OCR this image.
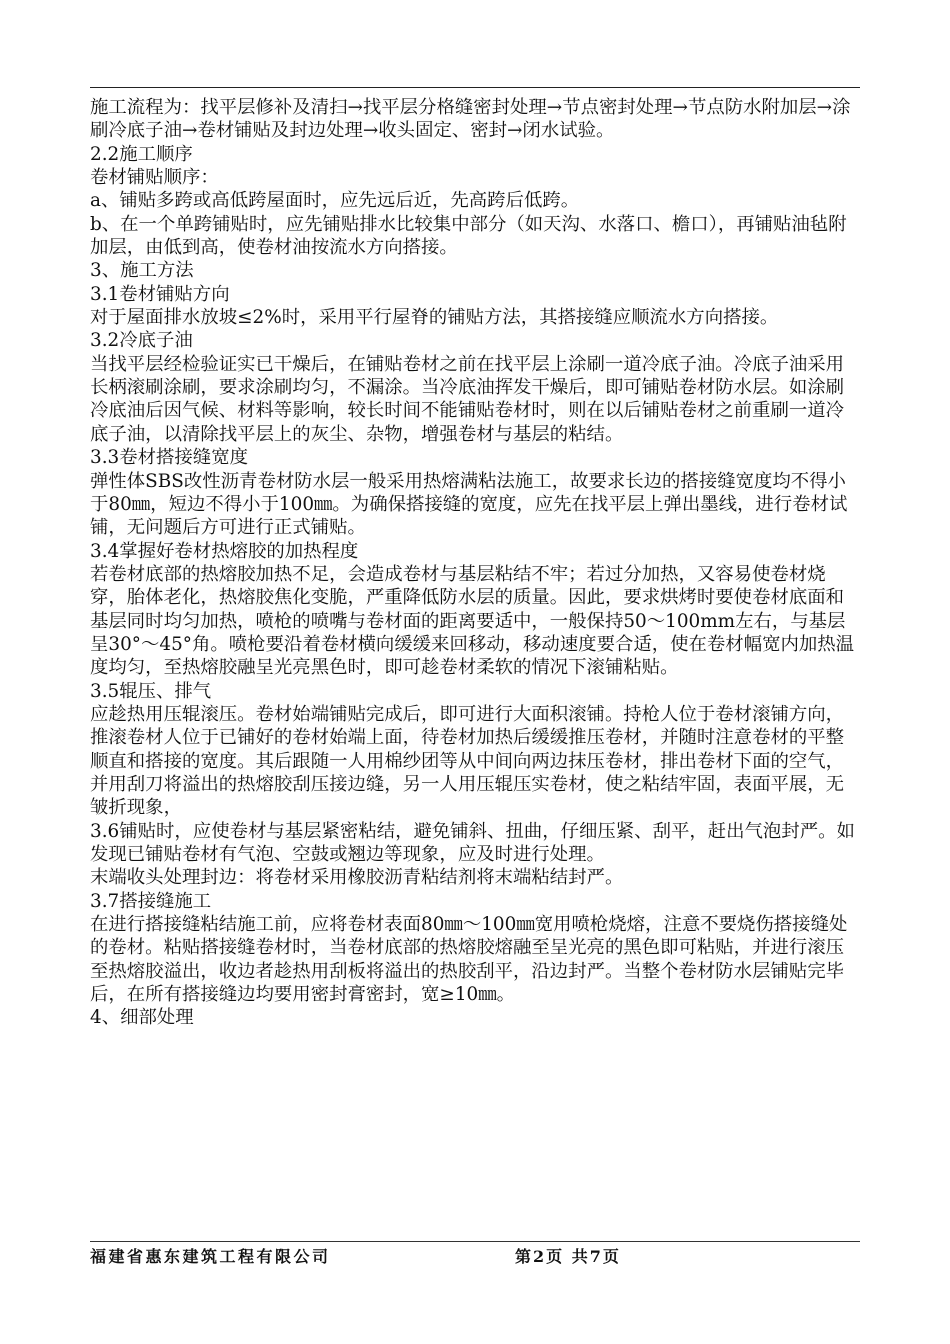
施工流程为：找平层修补及清扫→找平层分格缝密封处理→节点密封处理→节点防水附加层→涂刷冷底子油→卷材铺贴及封边处理→收头固定、密封→闭水试验。

2.2施工顺序

卷材铺贴顺序：

a、铺贴多跨或高低跨屋面时，应先远后近，先高跨后低跨。

b、在一个单跨铺贴时，应先铺贴排水比较集中部分（如天沟、水落口、檐口），再铺贴油毡附加层，由低到高，使卷材油按流水方向搭接。

3、施工方法

3.1卷材铺贴方向

对于屋面排水放坡≤2%时，采用平行屋脊的铺贴方法，其搭接缝应顺流水方向搭接。

3.2冷底子油

当找平层经检验证实已干燥后，在铺贴卷材之前在找平层上涂刷一道冷底子油。冷底子油采用长柄滚刷涂刷，要求涂刷均匀，不漏涂。当冷底油挥发干燥后，即可铺贴卷材防水层。如涂刷冷底油后因气候、材料等影响，较长时间不能铺贴卷材时，则在以后铺贴卷材之前重刷一道冷底子油，以清除找平层上的灰尘、杂物，增强卷材与基层的粘结。

3.3卷材搭接缝宽度

弹性体SBS改性沥青卷材防水层一般采用热熔满粘法施工，故要求长边的搭接缝宽度均不得小于80㎜，短边不得小于100㎜。为确保搭接缝的宽度，应先在找平层上弹出墨线，进行卷材试铺，无问题后方可进行正式铺贴。

3.4掌握好卷材热熔胶的加热程度

若卷材底部的热熔胶加热不足，会造成卷材与基层粘结不牢；若过分加热，又容易使卷材烧穿，胎体老化，热熔胶焦化变脆，严重降低防水层的质量。因此，要求烘烤时要使卷材底面和基层同时均匀加热，喷枪的喷嘴与卷材面的距离要适中，一般保持50～100mm左右，与基层呈30°～45°角。喷枪要沿着卷材横向缓缓来回移动，移动速度要合适，使在卷材幅宽内加热温度均匀，至热熔胶融呈光亮黑色时，即可趁卷材柔软的情况下滚铺粘贴。

3.5辊压、排气

应趁热用压辊滚压。卷材始端铺贴完成后，即可进行大面积滚铺。持枪人位于卷材滚铺方向，推滚卷材人位于已铺好的卷材始端上面，待卷材加热后缓缓推压卷材，并随时注意卷材的平整顺直和搭接的宽度。其后跟随一人用棉纱团等从中间向两边抹压卷材，排出卷材下面的空气，并用刮刀将溢出的热熔胶刮压接边缝，另一人用压辊压实卷材，使之粘结牢固，表面平展，无皱折现象，

3.6铺贴时，应使卷材与基层紧密粘结，避免铺斜、扭曲，仔细压紧、刮平，赶出气泡封严。如发现已铺贴卷材有气泡、空鼓或翘边等现象，应及时进行处理。

末端收头处理封边：将卷材采用橡胶沥青粘结剂将末端粘结封严。

3.7搭接缝施工

在进行搭接缝粘结施工前，应将卷材表面80㎜～100㎜宽用喷枪烧熔，注意不要烧伤搭接缝处的卷材。粘贴搭接缝卷材时，当卷材底部的热熔胶熔融至呈光亮的黑色即可粘贴，并进行滚压至热熔胶溢出，收边者趁热用刮板将溢出的热胶刮平，沿边封严。当整个卷材防水层铺贴完毕后，在所有搭接缝边均要用密封膏密封，宽≥10㎜。

4、细部处理

福建省惠东建筑工程有限公司	第2页 共7页
